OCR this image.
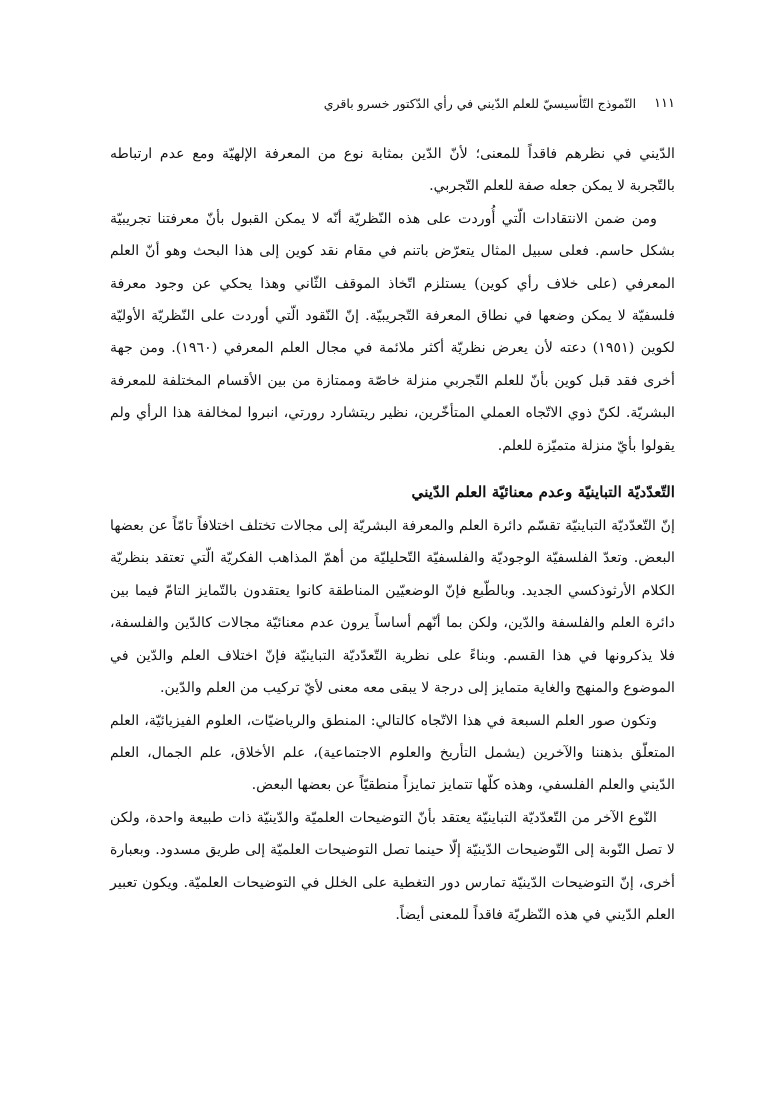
١١١
النّموذج التّأسيسيّ للعلم الدّيني في رأي الدّكتور خسرو باقري

الدّيني في نظرهم فاقداً للمعنى؛ لأنّ الدّين بمثابة نوع من المعرفة الإلهيّة ومع عدم ارتباطه بالتّجربة لا يمكن جعله صفة للعلم التّجربي.

ومن ضمن الانتقادات الّتي أُوردت على هذه النّظريّة أنّه لا يمكن القبول بأنّ معرفتنا تجريبيّة بشكل حاسم. فعلى سبيل المثال يتعرّض باتنم في مقام نقد كوين إلى هذا البحث وهو أنّ العلم المعرفي (على خلاف رأي كوين) يستلزم اتّخاذ الموقف الثّاني وهذا يحكي عن وجود معرفة فلسفيّة لا يمكن وضعها في نطاق المعرفة التّجريبيّة. إنّ النّقود الّتي أوردت على النّظريّة الأوليّة لكوين (١٩٥١) دعته لأن يعرض نظريّة أكثر ملائمة في مجال العلم المعرفي (١٩٦٠). ومن جهة أخرى فقد قبل كوين بأنّ للعلم التّجربي منزلة خاصّة وممتازة من بين الأقسام المختلفة للمعرفة البشريّة. لكنّ ذوي الاتّجاه العملي المتأخّرين، نظير ريتشارد رورتي، انبروا لمخالفة هذا الرأي ولم يقولوا بأيّ منزلة متميّزة للعلم.

التّعدّديّة التباينيّة وعدم معنائيّة العلم الدّيني

إنّ التّعدّديّة التباينيّة تقسّم دائرة العلم والمعرفة البشريّة إلى مجالات تختلف اختلافاً تامّاً عن بعضها البعض. وتعدّ الفلسفيّة الوجوديّة والفلسفيّة التّحليليّة من أهمّ المذاهب الفكريّة الّتي تعتقد بنظريّة الكلام الأرثوذكسي الجديد. وبالطّبع فإنّ الوضعيّين المناطقة كانوا يعتقدون بالتّمايز التامّ فيما بين دائرة العلم والفلسفة والدّين، ولكن بما أنّهم أساساً يرون عدم معنائيّة مجالات كالدّين والفلسفة، فلا يذكرونها في هذا القسم. وبناءً على نظرية التّعدّديّة التباينيّة فإنّ اختلاف العلم والدّين في الموضوع والمنهج والغاية متمايز إلى درجة لا يبقى معه معنى لأيّ تركيب من العلم والدّين.

وتكون صور العلم السبعة في هذا الاتّجاه كالتالي: المنطق والرياضيّات، العلوم الفيزيائيّة، العلم المتعلّق بذهننا والآخرين (يشمل التأريخ والعلوم الاجتماعية)، علم الأخلاق، علم الجمال، العلم الدّيني والعلم الفلسفي، وهذه كلّها تتمايز تمايزاً منطقيّاً عن بعضها البعض.

النّوع الآخر من التّعدّديّة التباينيّة يعتقد بأنّ التوضيحات العلميّة والدّينيّة ذات طبيعة واحدة، ولكن لا تصل النّوبة إلى التّوضيحات الدّينيّة إلّا حينما تصل التوضيحات العلميّة إلى طريق مسدود. وبعبارة أخرى، إنّ التوضيحات الدّينيّة تمارس دور التغطية على الخلل في التوضيحات العلميّة. ويكون تعبير العلم الدّيني في هذه النّظريّة فاقداً للمعنى أيضاً.
